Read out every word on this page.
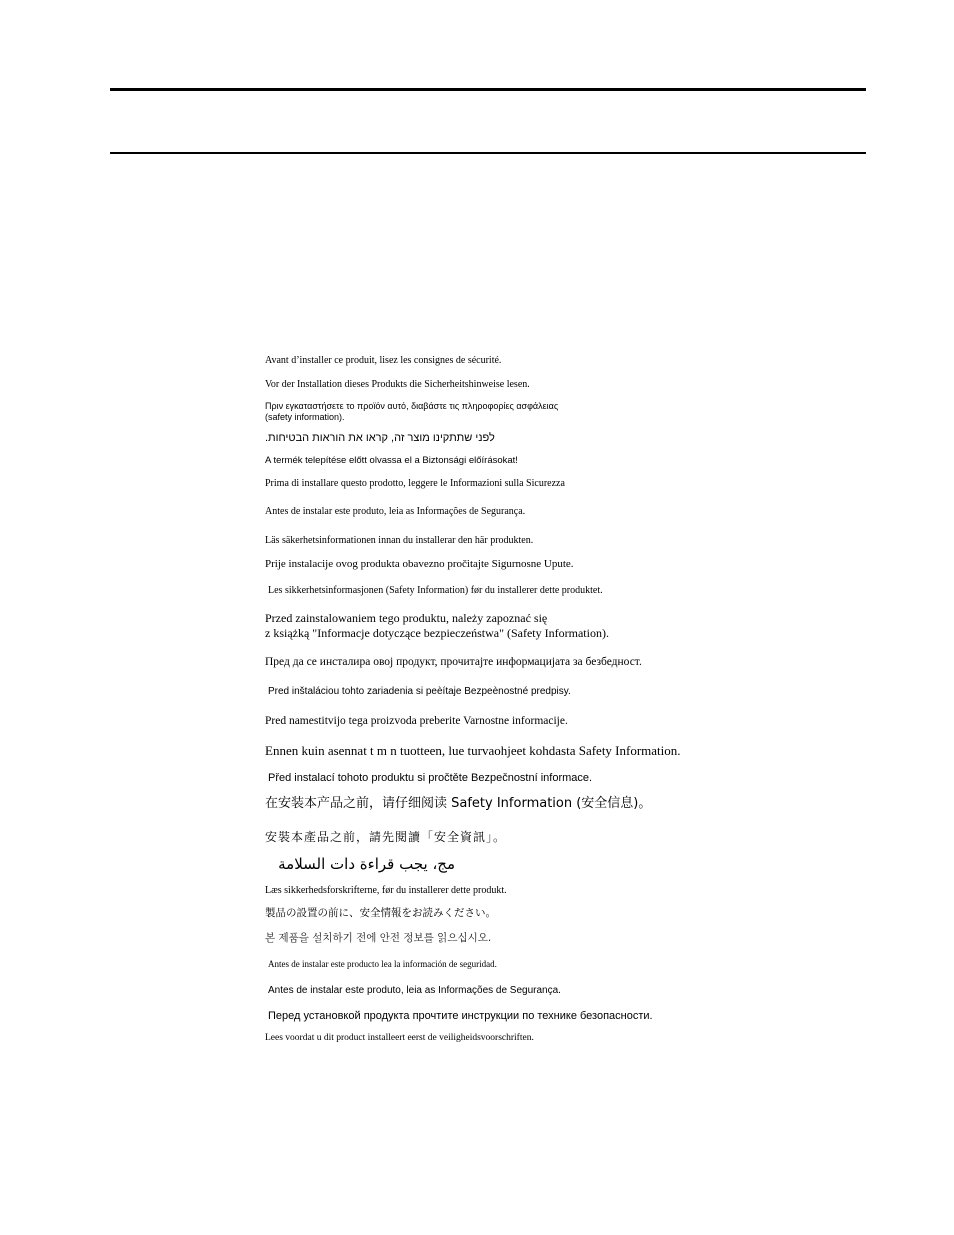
Avant d’installer ce produit, lisez les consignes de sécurité.
Vor der Installation dieses Produkts die Sicherheitshinweise lesen.
Πριν εγκαταστήσετε το προϊόν αυτό, διαβάστε τις πληροφορίες ασφάλειας
(safety information).
לפני שתתקינו מוצר זה, קראו את הוראות הבטיחות.
A termék telepítése előtt olvassa el a Biztonsági előírásokat!
Prima di installare questo prodotto, leggere le Informazioni sulla Sicurezza
Antes de instalar este produto, leia as Informações de Segurança.
Läs säkerhetsinformationen innan du installerar den här produkten.
Prije instalacije ovog produkta obavezno pročitajte Sigurnosne Upute.
Les sikkerhetsinformasjonen (Safety Information) før du installerer dette produktet.
Przed zainstalowaniem tego produktu, należy zapoznać się
z książką "Informacje dotyczące bezpieczeństwa" (Safety Information).
Пред да се инсталира овој продукт, прочитајте информацијата за безбедност.
Pred inštaláciou tohto zariadenia si peèítaje Bezpeènostné predpisy.
Pred namestitvijo tega proizvoda preberite Varnostne informacije.
Ennen kuin asennat t m n tuotteen, lue turvaohjeet kohdasta Safety Information.
Před instalací tohoto produktu si pročtěte Bezpečnostní informace.
在安装本产品之前，请仔细阅读 Safety Information (安全信息)。
安裝本產品之前，請先閱讀「安全資訊」。
مج، يجب قراءة دات السلامة
Læs sikkerhedsforskrifterne, før du installerer dette produkt.
製品の設置の前に、安全情報をお読みください。
본 제품을 설치하기 전에 안전 정보를 읽으십시오.
Antes de instalar este producto lea la información de seguridad.
Antes de instalar este produto, leia as Informações de Segurança.
Перед установкой продукта прочтите инструкции по технике безопасности.
Lees voordat u dit product installeert eerst de veiligheidsvoorschriften.
